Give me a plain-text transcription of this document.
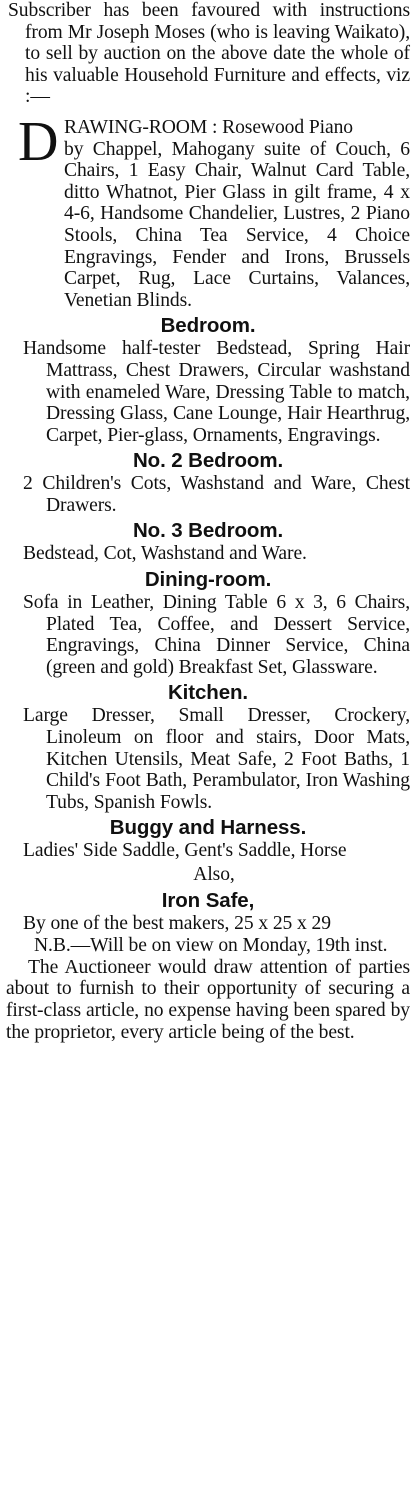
Subscriber has been favoured with instructions from Mr Joseph Moses (who is leaving Waikato), to sell by auction on the above date the whole of his valuable Household Furniture and effects, viz :—
D RAWING-ROOM : Rosewood Piano
by Chappel, Mahogany suite of Couch, 6 Chairs, 1 Easy Chair, Walnut Card Table, ditto Whatnot, Pier Glass in gilt frame, 4 x 4-6, Handsome Chandelier, Lustres, 2 Piano Stools, China Tea Service, 4 Choice Engravings, Fender and Irons, Brussels Carpet, Rug, Lace Curtains, Valances, Venetian Blinds.
Bedroom.
Handsome half-tester Bedstead, Spring Hair Mattrass, Chest Drawers, Circular washstand with enameled Ware, Dressing Table to match, Dressing Glass, Cane Lounge, Hair Hearthrug, Carpet, Pier-glass, Ornaments, Engravings.
No. 2 Bedroom.
2 Children's Cots, Washstand and Ware, Chest Drawers.
No. 3 Bedroom.
Bedstead, Cot, Washstand and Ware.
Dining-room.
Sofa in Leather, Dining Table 6 x 3, 6 Chairs, Plated Tea, Coffee, and Dessert Service, Engravings, China Dinner Service, China (green and gold) Breakfast Set, Glassware.
Kitchen.
Large Dresser, Small Dresser, Crockery, Linoleum on floor and stairs, Door Mats, Kitchen Utensils, Meat Safe, 2 Foot Baths, 1 Child's Foot Bath, Perambulator, Iron Washing Tubs, Spanish Fowls.
Buggy and Harness.
Ladies' Side Saddle, Gent's Saddle, Horse
Also,
Iron Safe,
By one of the best makers, 25 x 25 x 29
N.B.—Will be on view on Monday, 19th inst.
The Auctioneer would draw attention of parties about to furnish to their opportunity of securing a first-class article, no expense having been spared by the proprietor, every article being of the best.
